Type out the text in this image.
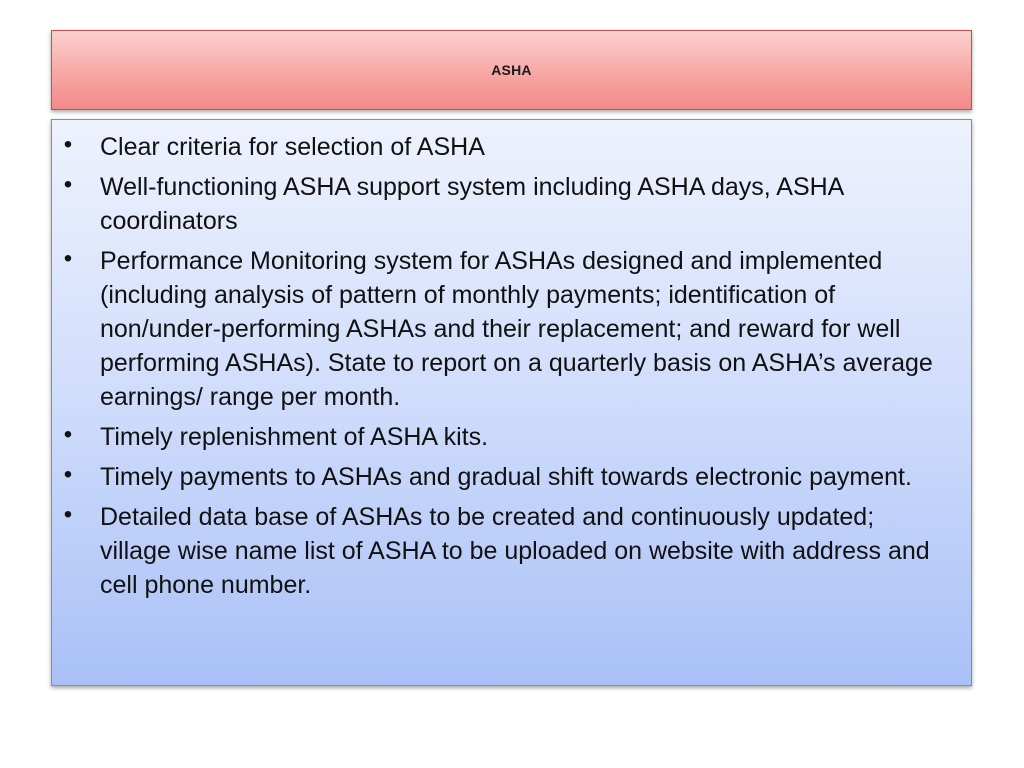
ASHA
• Clear criteria for selection of ASHA
• Well-functioning ASHA support system including ASHA days, ASHA coordinators
• Performance Monitoring system for ASHAs designed and implemented (including analysis of pattern of monthly payments; identification of non/under-performing ASHAs and their replacement; and reward for well performing ASHAs). State to report on a quarterly basis on ASHA’s average earnings/ range per month.
• Timely replenishment of ASHA kits.
• Timely payments to ASHAs and gradual shift towards electronic payment.
• Detailed data base of ASHAs to be created and continuously updated; village wise name list of ASHA to be uploaded on website with address and cell phone number.
